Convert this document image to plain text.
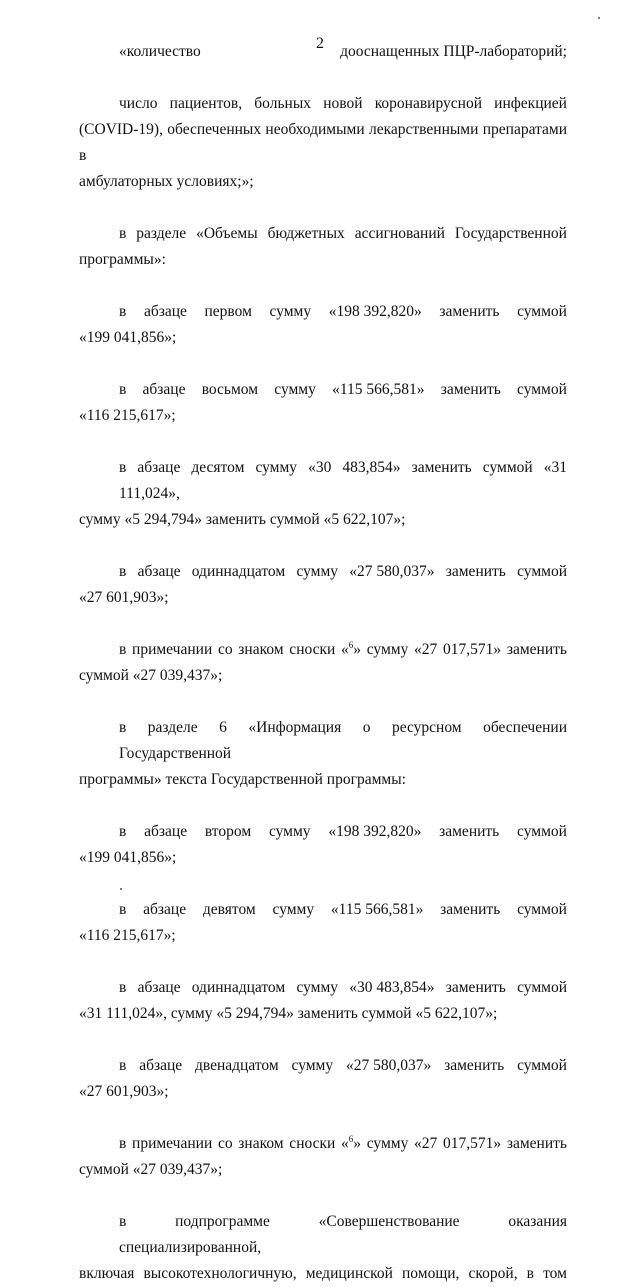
2
«количество	дооснащенных ПЦР-лабораторий;
число пациентов, больных новой коронавирусной инфекцией
(COVID-19), обеспеченных необходимыми лекарственными препаратами в
амбулаторных условиях;»;
в разделе «Объемы бюджетных ассигнований Государственной
программы»:
в абзаце первом сумму «198 392,820» заменить суммой
«199 041,856»;
в абзаце восьмом сумму «115 566,581» заменить суммой
«116 215,617»;
в абзаце десятом сумму «30 483,854» заменить суммой «31 111,024»,
сумму «5 294,794» заменить суммой «5 622,107»;
в абзаце одиннадцатом сумму «27 580,037» заменить суммой
«27 601,903»;
в примечании со знаком сноски «$^6$» сумму «27 017,571» заменить
суммой «27 039,437»;
в разделе 6 «Информация о ресурсном обеспечении Государственной
программы» текста Государственной программы:
в абзаце втором сумму «198 392,820» заменить суммой
«199 041,856»;
в абзаце девятом сумму «115 566,581» заменить суммой
«116 215,617»;
в абзаце одиннадцатом сумму «30 483,854» заменить суммой
«31 111,024», сумму «5 294,794» заменить суммой «5 622,107»;
в абзаце двенадцатом сумму «27 580,037» заменить суммой
«27 601,903»;
в примечании со знаком сноски «$^6$» сумму «27 017,571» заменить
суммой «27 039,437»;
в подпрограмме «Совершенствование оказания специализированной,
включая высокотехнологичную, медицинской помощи, скорой, в том
